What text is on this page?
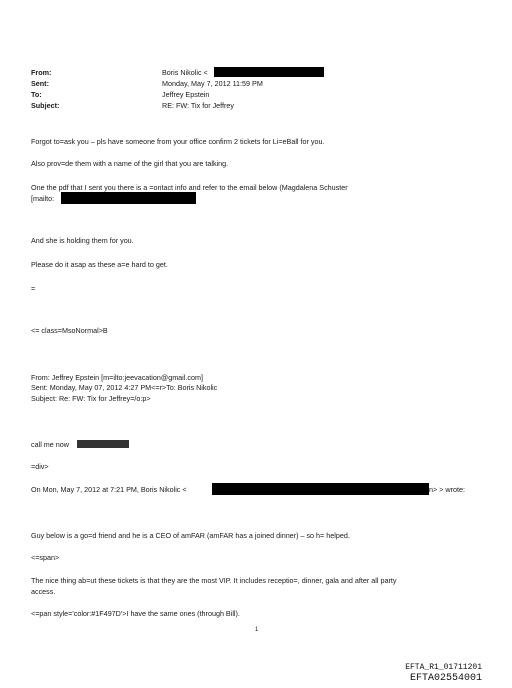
From:
Sent:
To:
Subject:
Boris Nikolic <
Monday, May 7, 2012 11:59 PM
Jeffrey Epstein
RE: FW: Tix for Jeffrey
Forgot to=ask you – pls have someone from your office confirm 2 tickets for Li=eBall for you.
Also prov=de them with a name of the girl that you are talking.
One the pdf that I sent you there is a =ontact info and refer to the email below (Magdalena Schuster
[mailto:
And she is holding them for you.
Please do it asap as these a=e hard to get.
=
<= class=MsoNormal>B
From: Jeffrey Epstein [m=ilto:jeevacation@gmail.com]
Sent: Monday, May 07, 2012 4:27 PM<=r>To: Boris Nikolic
Subject: Re: FW: Tix for Jeffrey=/o:p>
call me now
=div>
On Mon, May 7, 2012 at 7:21 PM, Boris Nikolic <	n> > wrote:
Guy below is a go=d friend and he is a CEO of amFAR (amFAR has a joined dinner) – so h= helped.
<=span>
The nice thing ab=ut these tickets is that they are the most VIP. It includes receptio=, dinner, gala and after all party
access.
<=pan style='color:#1F497D'>I have the same ones (through Bill).
1
EFTA_R1_01711201
EFTA02554001
